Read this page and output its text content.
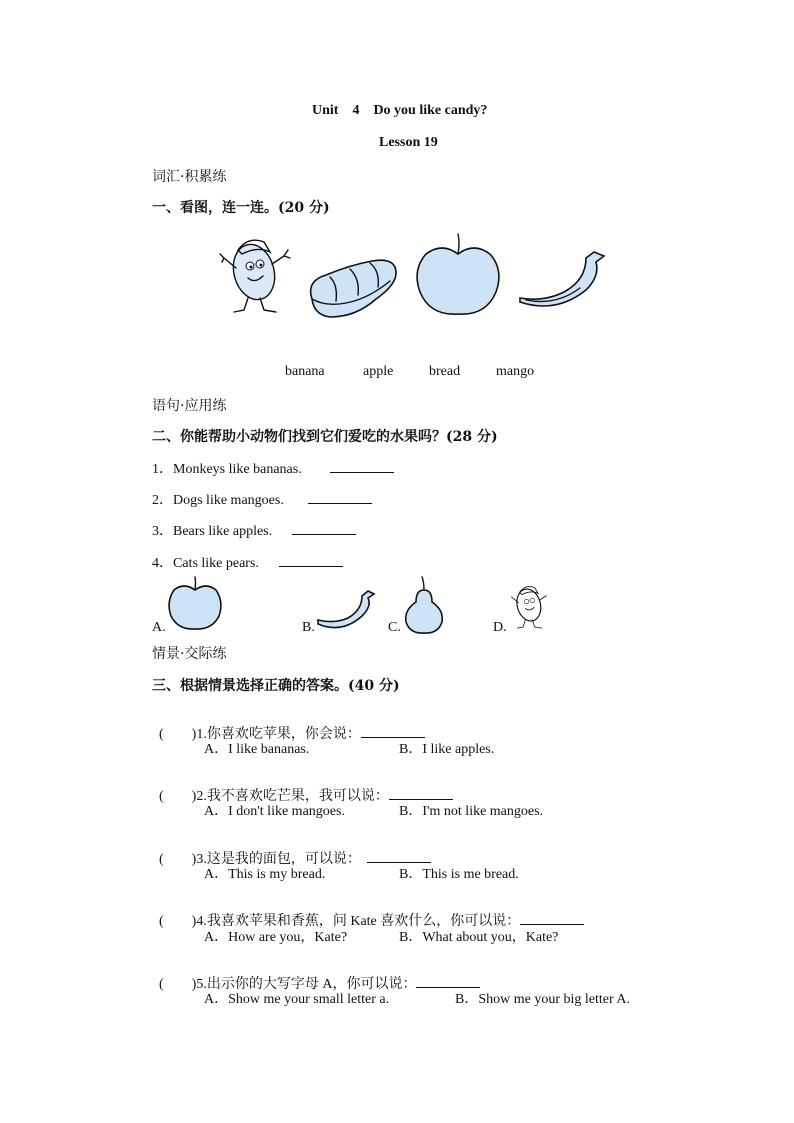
Unit    4    Do you like candy?
Lesson 19
词汇·积累练
一、看图，连一连。(20 分)
banana	apple	bread	mango
语句·应用练
二、你能帮助小动物们找到它们爱吃的水果吗？(28 分)
1．Monkeys like bananas.
2．Dogs like mangoes.
3．Bears like apples.
4．Cats like pears.
A.	B.	C.	D.
情景·交际练
三、根据情景选择正确的答案。(40 分)

(        )1.你喜欢吃苹果，你会说：

A．I like bananas.	B．I like apples.

(        )2.我不喜欢吃芒果，我可以说：

A．I don't like mangoes.	B．I'm not like mangoes.

(        )3.这是我的面包，可以说：

A．This is my bread.	B．This is me bread.

(        )4.我喜欢苹果和香蕉，问 Kate 喜欢什么，你可以说：

A．How are you，Kate?	B．What about you，Kate?

(        )5.出示你的大写字母 A，你可以说：

A．Show me your small letter a.	B．Show me your big letter A.
